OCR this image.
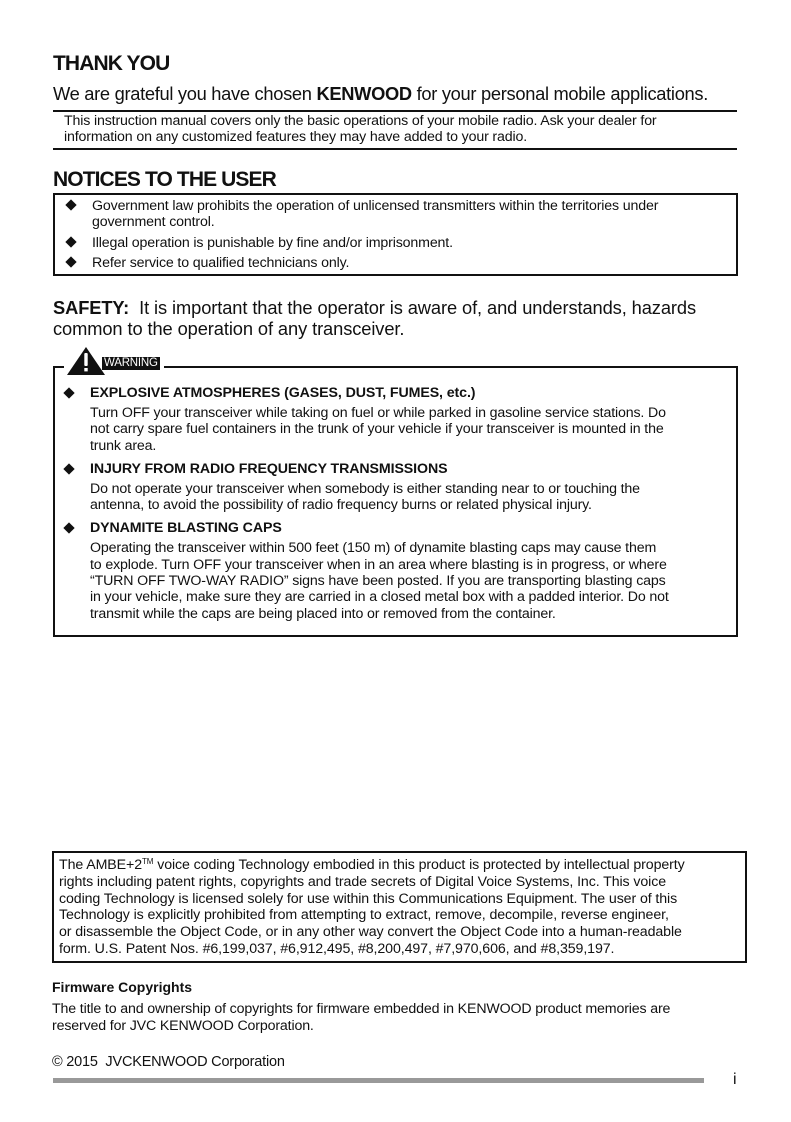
THANK YOU
We are grateful you have chosen KENWOOD for your personal mobile applications.
This instruction manual covers only the basic operations of your mobile radio. Ask your dealer for
information on any customized features they may have added to your radio.
NOTICES TO THE USER
Government law prohibits the operation of unlicensed transmitters within the territories under
government control.
Illegal operation is punishable by fine and/or imprisonment.
Refer service to qualified technicians only.
SAFETY:  It is important that the operator is aware of, and understands, hazards
common to the operation of any transceiver.
WARNING
EXPLOSIVE ATMOSPHERES (GASES, DUST, FUMES, etc.)
Turn OFF your transceiver while taking on fuel or while parked in gasoline service stations. Do
not carry spare fuel containers in the trunk of your vehicle if your transceiver is mounted in the
trunk area.
INJURY FROM RADIO FREQUENCY TRANSMISSIONS
Do not operate your transceiver when somebody is either standing near to or touching the
antenna, to avoid the possibility of radio frequency burns or related physical injury.
DYNAMITE BLASTING CAPS
Operating the transceiver within 500 feet (150 m) of dynamite blasting caps may cause them
to explode. Turn OFF your transceiver when in an area where blasting is in progress, or where
“TURN OFF TWO-WAY RADIO” signs have been posted. If you are transporting blasting caps
in your vehicle, make sure they are carried in a closed metal box with a padded interior. Do not
transmit while the caps are being placed into or removed from the container.
The AMBE+2™ voice coding Technology embodied in this product is protected by intellectual property
rights including patent rights, copyrights and trade secrets of Digital Voice Systems, Inc. This voice
coding Technology is licensed solely for use within this Communications Equipment. The user of this
Technology is explicitly prohibited from attempting to extract, remove, decompile, reverse engineer,
or disassemble the Object Code, or in any other way convert the Object Code into a human-readable
form. U.S. Patent Nos. #6,199,037, #6,912,495, #8,200,497, #7,970,606, and #8,359,197.
Firmware Copyrights
The title to and ownership of copyrights for firmware embedded in KENWOOD product memories are
reserved for JVC KENWOOD Corporation.
© 2015  JVCKENWOOD Corporation
i
